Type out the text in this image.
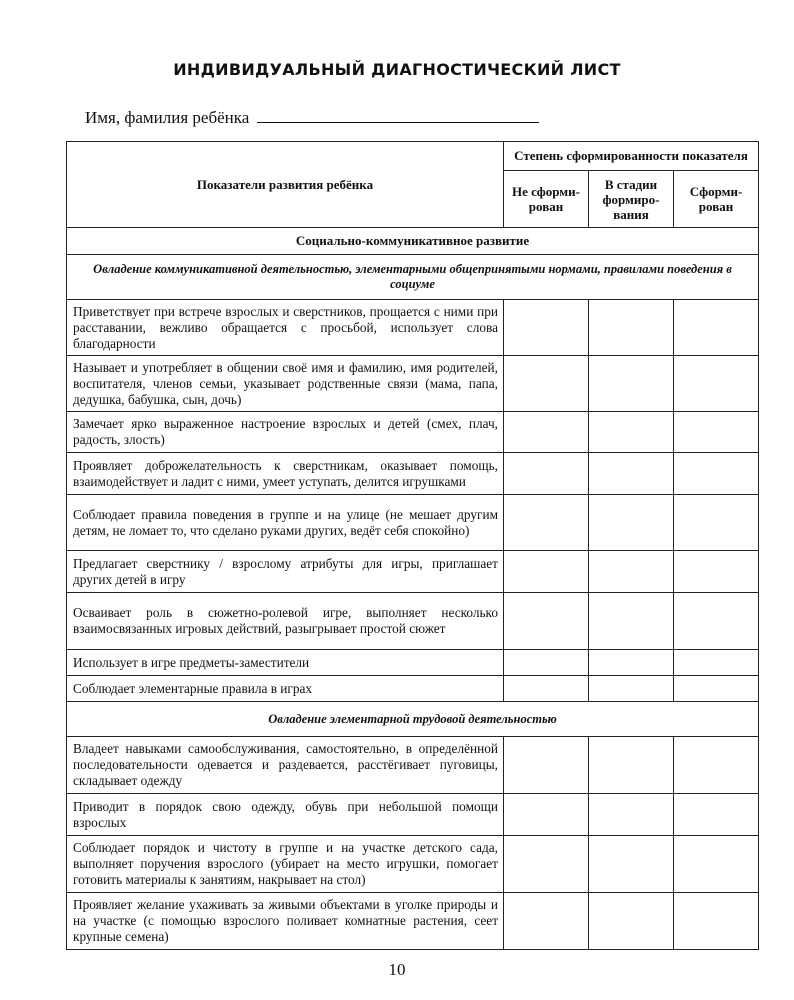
ИНДИВИДУАЛЬНЫЙ ДИАГНОСТИЧЕСКИЙ ЛИСТ
Имя, фамилия ребёнка
Показатели развития ребёнка	Степень сформированности показателя		
	Не сформи-рован	В стадии формиро-вания	Сформи-рован
Социально-коммуникативное развитие			
Овладение коммуникативной деятельностью, элементарными общепринятыми нормами, правилами поведения в социуме			
Приветствует при встрече взрослых и сверстников, прощается с ними при расставании, вежливо обращается с просьбой, использует слова благодарности			
Называет и употребляет в общении своё имя и фамилию, имя родителей, воспитателя, членов семьи, указывает родственные связи (мама, папа, дедушка, бабушка, сын, дочь)			
Замечает ярко выраженное настроение взрослых и детей (смех, плач, радость, злость)			
Проявляет доброжелательность к сверстникам, оказывает помощь, взаимодействует и ладит с ними, умеет уступать, делится игрушками			
Соблюдает правила поведения в группе и на улице (не мешает другим детям, не ломает то, что сделано руками других, ведёт себя спокойно)			
Предлагает сверстнику / взрослому атрибуты для игры, приглашает других детей в игру			
Осваивает роль в сюжетно-ролевой игре, выполняет несколько взаимосвязанных игровых действий, разыгрывает простой сюжет			
Использует в игре предметы-заместители			
Соблюдает элементарные правила в играх			
Овладение элементарной трудовой деятельностью			
Владеет навыками самообслуживания, самостоятельно, в определённой последовательности одевается и раздевается, расстёгивает пуговицы, складывает одежду			
Приводит в порядок свою одежду, обувь при небольшой помощи взрослых			
Соблюдает порядок и чистоту в группе и на участке детского сада, выполняет поручения взрослого (убирает на место игрушки, помогает готовить материалы к занятиям, накрывает на стол)			
Проявляет желание ухаживать за живыми объектами в уголке природы и на участке (с помощью взрослого поливает комнатные растения, сеет крупные семена)			
10
